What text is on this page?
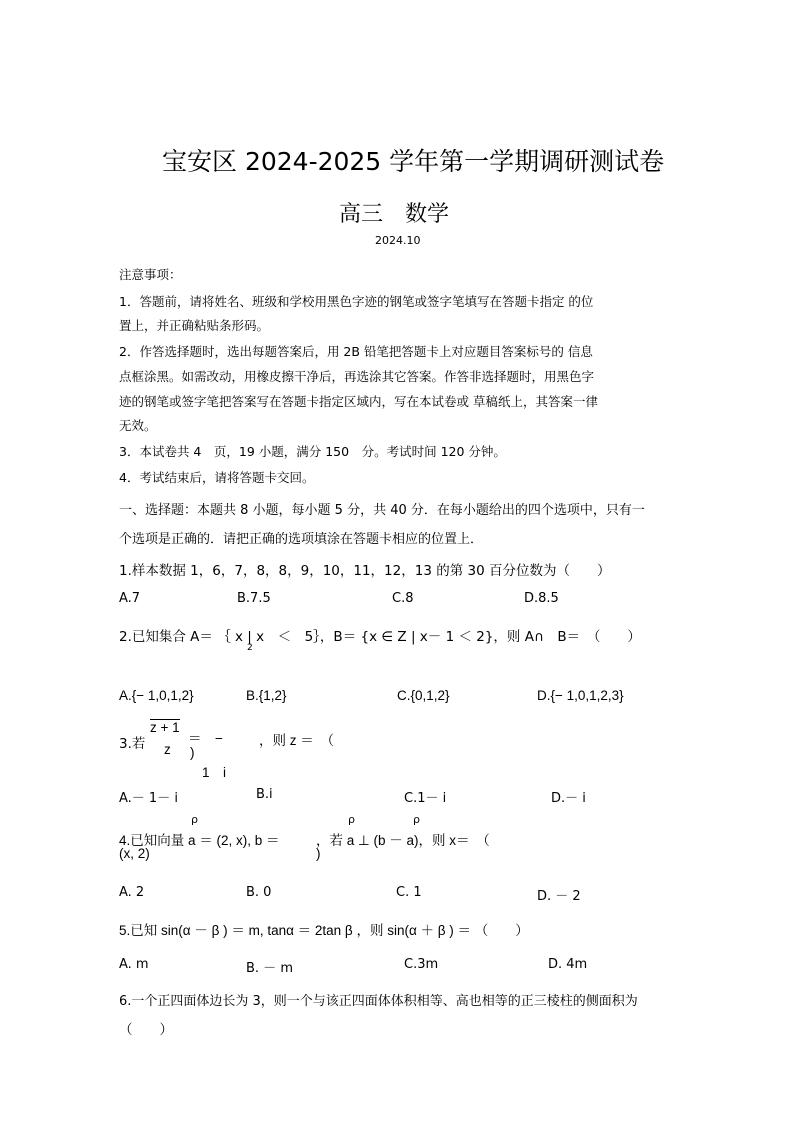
宝安区 2024-2025 学年第一学期调研测试卷
高三　数学
2024.10
注意事项：
1．答题前，请将姓名、班级和学校用黑色字迹的钢笔或签字笔填写在答题卡指定 的位
置上，并正确粘贴条形码。
2．作答选择题时，选出每题答案后，用 2B 铅笔把答题卡上对应题目答案标号的 信息
点框涂黑。如需改动，用橡皮擦干净后，再选涂其它答案。作答非选择题时，用黑色字
迹的钢笔或签字笔把答案写在答题卡指定区域内，写在本试卷或 草稿纸上，其答案一律
无效。
3．本试卷共 4　页，19 小题，满分 150　分。考试时间 120 分钟。
4．考试结束后，请将答题卡交回。
一、选择题：本题共 8 小题，每小题 5 分，共 40 分．在每小题给出的四个选项中，只有一
个选项是正确的．请把正确的选项填涂在答题卡相应的位置上．
1.样本数据 1，6，7，8，8，9，10，11，12，13 的第 30 百分位数为（　　）
A.7	B.7.5	C.8	D.8.5
2.已知集合 A＝ ｛ x | x　＜　5｝，B＝ {x ∈ Z | x－ 1 ＜ 2}，则 A∩　B＝　（　　）
2
A.{− 1,0,1,2}	B.{1,2}	C.{0,1,2}	D.{− 1,0,1,2,3}
3.若
z + 1
z
＝　−	，则 z ＝　（
)
1　i
A.－ 1－ i	B.i	C.1－ i	D.－ i
ρ	ρ	ρ
4.已知向量 a ＝ (2, x), b ＝
(x, 2)
，若 a ⊥ (b － a)，则 x＝　（
)
A. 2	B. 0	C. 1	D. － 2
5.已知 sin(α － β ) ＝ m, tanα ＝ 2tan β ，则 sin(α ＋ β ) ＝ （　　）
A. m	B. － m	C.3m	D. 4m
6.一个正四面体边长为 3，则一个与该正四面体体积相等、高也相等的正三棱柱的侧面积为
（　　）
